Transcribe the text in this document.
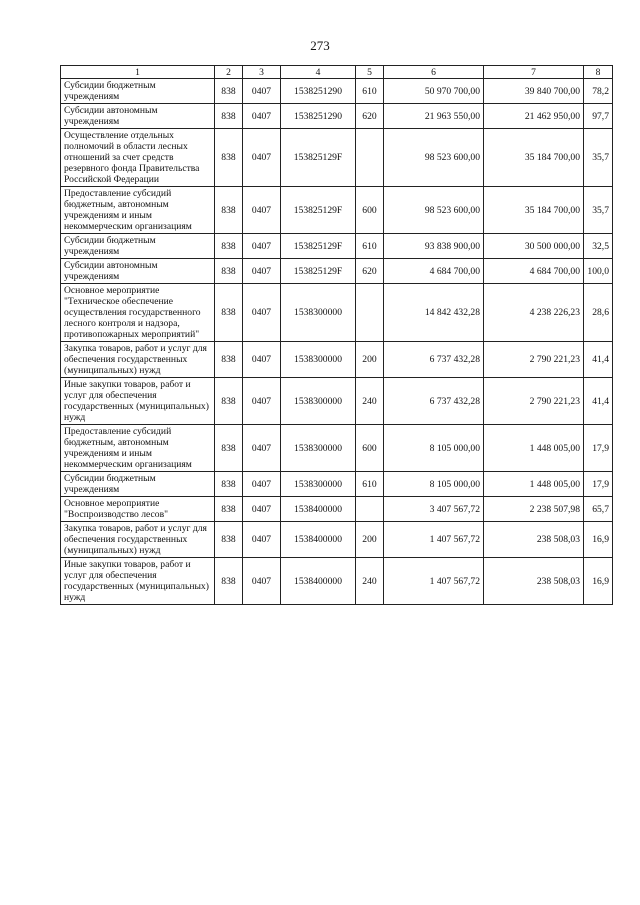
273
1	2	3	4	5	6	7	8
Субсидии бюджетным учреждениям	838	0407	1538251290	610	50 970 700,00	39 840 700,00	78,2
Субсидии автономным учреждениям	838	0407	1538251290	620	21 963 550,00	21 462 950,00	97,7
Осуществление отдельных полномочий в области лесных отношений за счет средств резервного фонда Правительства Российской Федерации	838	0407	153825129F		98 523 600,00	35 184 700,00	35,7
Предоставление субсидий бюджетным, автономным учреждениям и иным некоммерческим организациям	838	0407	153825129F	600	98 523 600,00	35 184 700,00	35,7
Субсидии бюджетным учреждениям	838	0407	153825129F	610	93 838 900,00	30 500 000,00	32,5
Субсидии автономным учреждениям	838	0407	153825129F	620	4 684 700,00	4 684 700,00	100,0
Основное мероприятие "Техническое обеспечение осуществления государственного лесного контроля и надзора, противопожарных мероприятий"	838	0407	1538300000		14 842 432,28	4 238 226,23	28,6
Закупка товаров, работ и услуг для обеспечения государственных (муниципальных) нужд	838	0407	1538300000	200	6 737 432,28	2 790 221,23	41,4
Иные закупки товаров, работ и услуг для обеспечения государственных (муниципальных) нужд	838	0407	1538300000	240	6 737 432,28	2 790 221,23	41,4
Предоставление субсидий бюджетным, автономным учреждениям и иным некоммерческим организациям	838	0407	1538300000	600	8 105 000,00	1 448 005,00	17,9
Субсидии бюджетным учреждениям	838	0407	1538300000	610	8 105 000,00	1 448 005,00	17,9
Основное мероприятие "Воспроизводство лесов"	838	0407	1538400000		3 407 567,72	2 238 507,98	65,7
Закупка товаров, работ и услуг для обеспечения государственных (муниципальных) нужд	838	0407	1538400000	200	1 407 567,72	238 508,03	16,9
Иные закупки товаров, работ и услуг для обеспечения государственных (муниципальных) нужд	838	0407	1538400000	240	1 407 567,72	238 508,03	16,9
